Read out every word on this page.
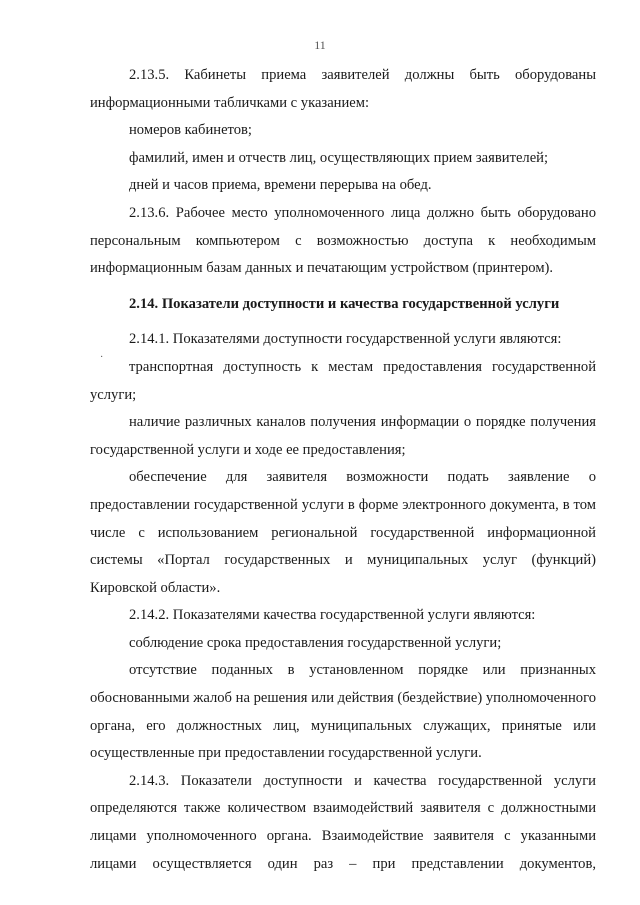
11
·

2.13.5. Кабинеты приема заявителей должны быть оборудованы информационными табличками с указанием:

номеров кабинетов;

фамилий, имен и отчеств лиц, осуществляющих прием заявителей;

дней и часов приема, времени перерыва на обед.

2.13.6. Рабочее место уполномоченного лица должно быть оборудовано персональным компьютером с возможностью доступа к необходимым информационным базам данных и печатающим устройством (принтером).

2.14. Показатели доступности и качества государственной услуги

2.14.1. Показателями доступности государственной услуги являются:

транспортная доступность к местам предоставления государственной услуги;

наличие различных каналов получения информации о порядке получения государственной услуги и ходе ее предоставления;

обеспечение для заявителя возможности подать заявление о предоставлении государственной услуги в форме электронного документа, в том числе с использованием региональной государственной информационной системы «Портал государственных и муниципальных услуг (функций) Кировской области».

2.14.2. Показателями качества государственной услуги являются:

соблюдение срока предоставления государственной услуги;

отсутствие поданных в установленном порядке или признанных обоснованными жалоб на решения или действия (бездействие) уполномоченного органа, его должностных лиц, муниципальных служащих, принятые или осуществленные при предоставлении государственной услуги.

2.14.3. Показатели доступности и качества государственной услуги определяются также количеством взаимодействий заявителя с должностными лицами уполномоченного органа. Взаимодействие заявителя с указанными лицами осуществляется один раз – при представлении документов,
